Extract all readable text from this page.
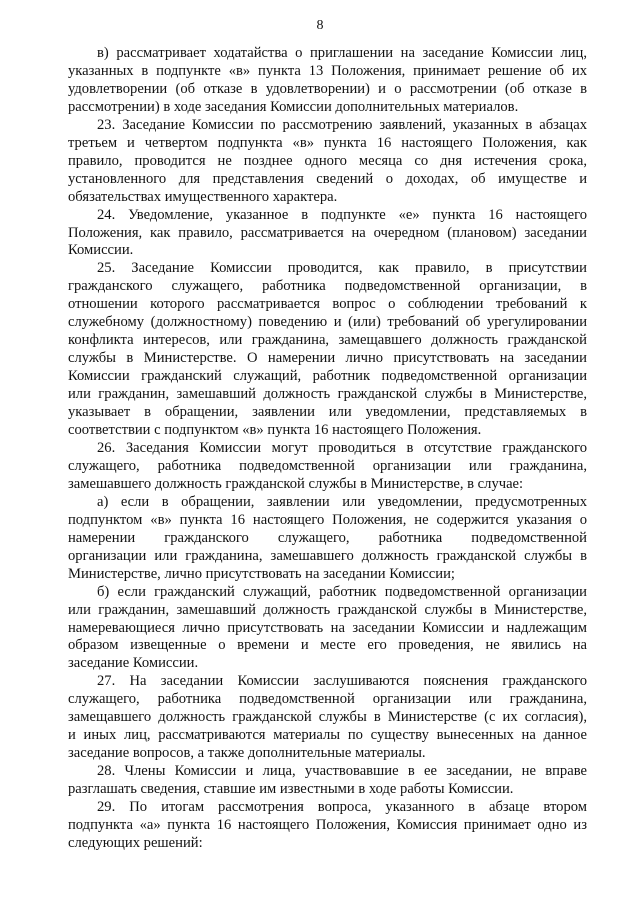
8
в) рассматривает ходатайства о приглашении на заседание Комиссии лиц,
указанных в подпункте «в» пункта 13 Положения, принимает решение об их
удовлетворении (об отказе в удовлетворении) и о рассмотрении (об отказе в
рассмотрении) в ходе заседания Комиссии дополнительных материалов.
23. Заседание Комиссии по рассмотрению заявлений, указанных в абзацах
третьем и четвертом подпункта «в» пункта 16 настоящего Положения, как
правило, проводится не позднее одного месяца со дня истечения срока,
установленного для представления сведений о доходах, об имуществе и
обязательствах имущественного характера.
24. Уведомление, указанное в подпункте «е» пункта 16 настоящего
Положения, как правило, рассматривается на очередном (плановом) заседании
Комиссии.
25. Заседание Комиссии проводится, как правило, в присутствии
гражданского служащего, работника подведомственной организации, в
отношении которого рассматривается вопрос о соблюдении требований к
служебному (должностному) поведению и (или) требований об урегулировании
конфликта интересов, или гражданина, замещавшего должность гражданской
службы в Министерстве. О намерении лично присутствовать на заседании
Комиссии гражданский служащий, работник подведомственной организации
или гражданин, замешавший должность гражданской службы в Министерстве,
указывает в обращении, заявлении или уведомлении, представляемых в
соответствии с подпунктом «в» пункта 16 настоящего Положения.
26. Заседания Комиссии могут проводиться в отсутствие гражданского
служащего, работника подведомственной организации или гражданина,
замешавшего должность гражданской службы в Министерстве, в случае:
а) если в обращении, заявлении или уведомлении, предусмотренных
подпунктом «в» пункта 16 настоящего Положения, не содержится указания о
намерении гражданского служащего, работника подведомственной
организации или гражданина, замешавшего должность гражданской службы в
Министерстве, лично присутствовать на заседании Комиссии;
б) если гражданский служащий, работник подведомственной организации
или гражданин, замешавший должность гражданской службы в Министерстве,
намеревающиеся лично присутствовать на заседании Комиссии и надлежащим
образом извещенные о времени и месте его проведения, не явились на
заседание Комиссии.
27. На заседании Комиссии заслушиваются пояснения гражданского
служащего, работника подведомственной организации или гражданина,
замещавшего должность гражданской службы в Министерстве (с их согласия),
и иных лиц, рассматриваются материалы по существу вынесенных на данное
заседание вопросов, а также дополнительные материалы.
28. Члены Комиссии и лица, участвовавшие в ее заседании, не вправе
разглашать сведения, ставшие им известными в ходе работы Комиссии.
29. По итогам рассмотрения вопроса, указанного в абзаце втором
подпункта «а» пункта 16 настоящего Положения, Комиссия принимает одно из
следующих решений:
